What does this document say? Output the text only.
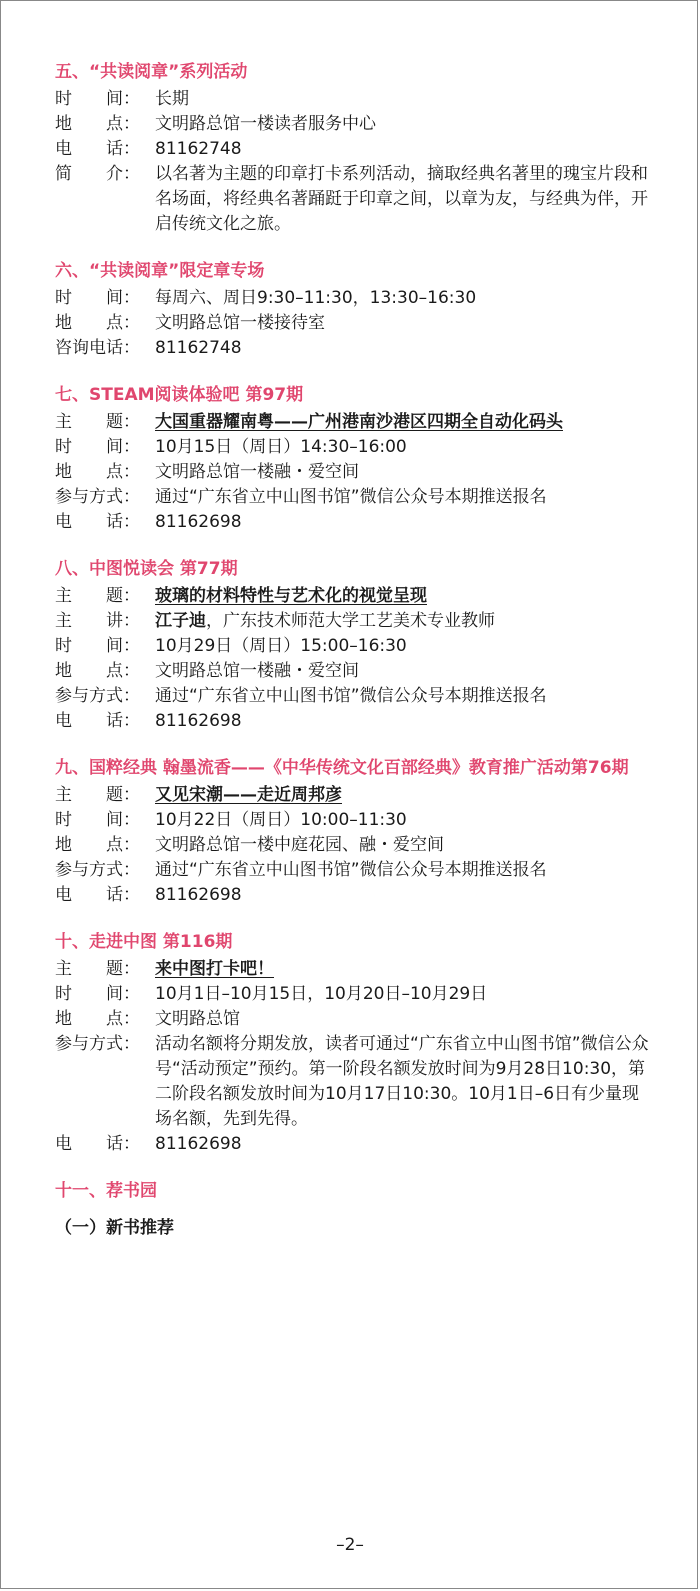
五、“共读阅章”系列活动
时　　间： 长期
地　　点： 文明路总馆一楼读者服务中心
电　　话： 81162748
简　　介： 以名著为主题的印章打卡系列活动，摘取经典名著里的瑰宝片段和名场面，将经典名著踊跹于印章之间，以章为友，与经典为伴，开启传统文化之旅。
六、“共读阅章”限定章专场
时　　间： 每周六、周日9:30–11:30，13:30–16:30
地　　点： 文明路总馆一楼接待室
咨询电话： 81162748
七、STEAM阅读体验吧 第97期
主　　题： 大国重器耀南粤——广州港南沙港区四期全自动化码头
时　　间： 10月15日（周日）14:30–16:00
地　　点： 文明路总馆一楼融・爱空间
参与方式： 通过“广东省立中山图书馆”微信公众号本期推送报名
电　　话： 81162698
八、中图悦读会 第77期
主　　题： 玻璃的材料特性与艺术化的视觉呈现
主　　讲： 江子迪，广东技术师范大学工艺美术专业教师
时　　间： 10月29日（周日）15:00–16:30
地　　点： 文明路总馆一楼融・爱空间
参与方式： 通过“广东省立中山图书馆”微信公众号本期推送报名
电　　话： 81162698
九、国粹经典 翰墨流香——《中华传统文化百部经典》教育推广活动第76期
主　　题： 又见宋潮——走近周邦彦
时　　间： 10月22日（周日）10:00–11:30
地　　点： 文明路总馆一楼中庭花园、融・爱空间
参与方式： 通过“广东省立中山图书馆”微信公众号本期推送报名
电　　话： 81162698
十、走进中图 第116期
主　　题： 来中图打卡吧！
时　　间： 10月1日–10月15日，10月20日–10月29日
地　　点： 文明路总馆
参与方式： 活动名额将分期发放，读者可通过“广东省立中山图书馆”微信公众号“活动预定”预约。第一阶段名额发放时间为9月28日10:30，第二阶段名额发放时间为10月17日10:30。10月1日–6日有少量现场名额，先到先得。
电　　话： 81162698
十一、荐书园
（一）新书推荐
–2–
